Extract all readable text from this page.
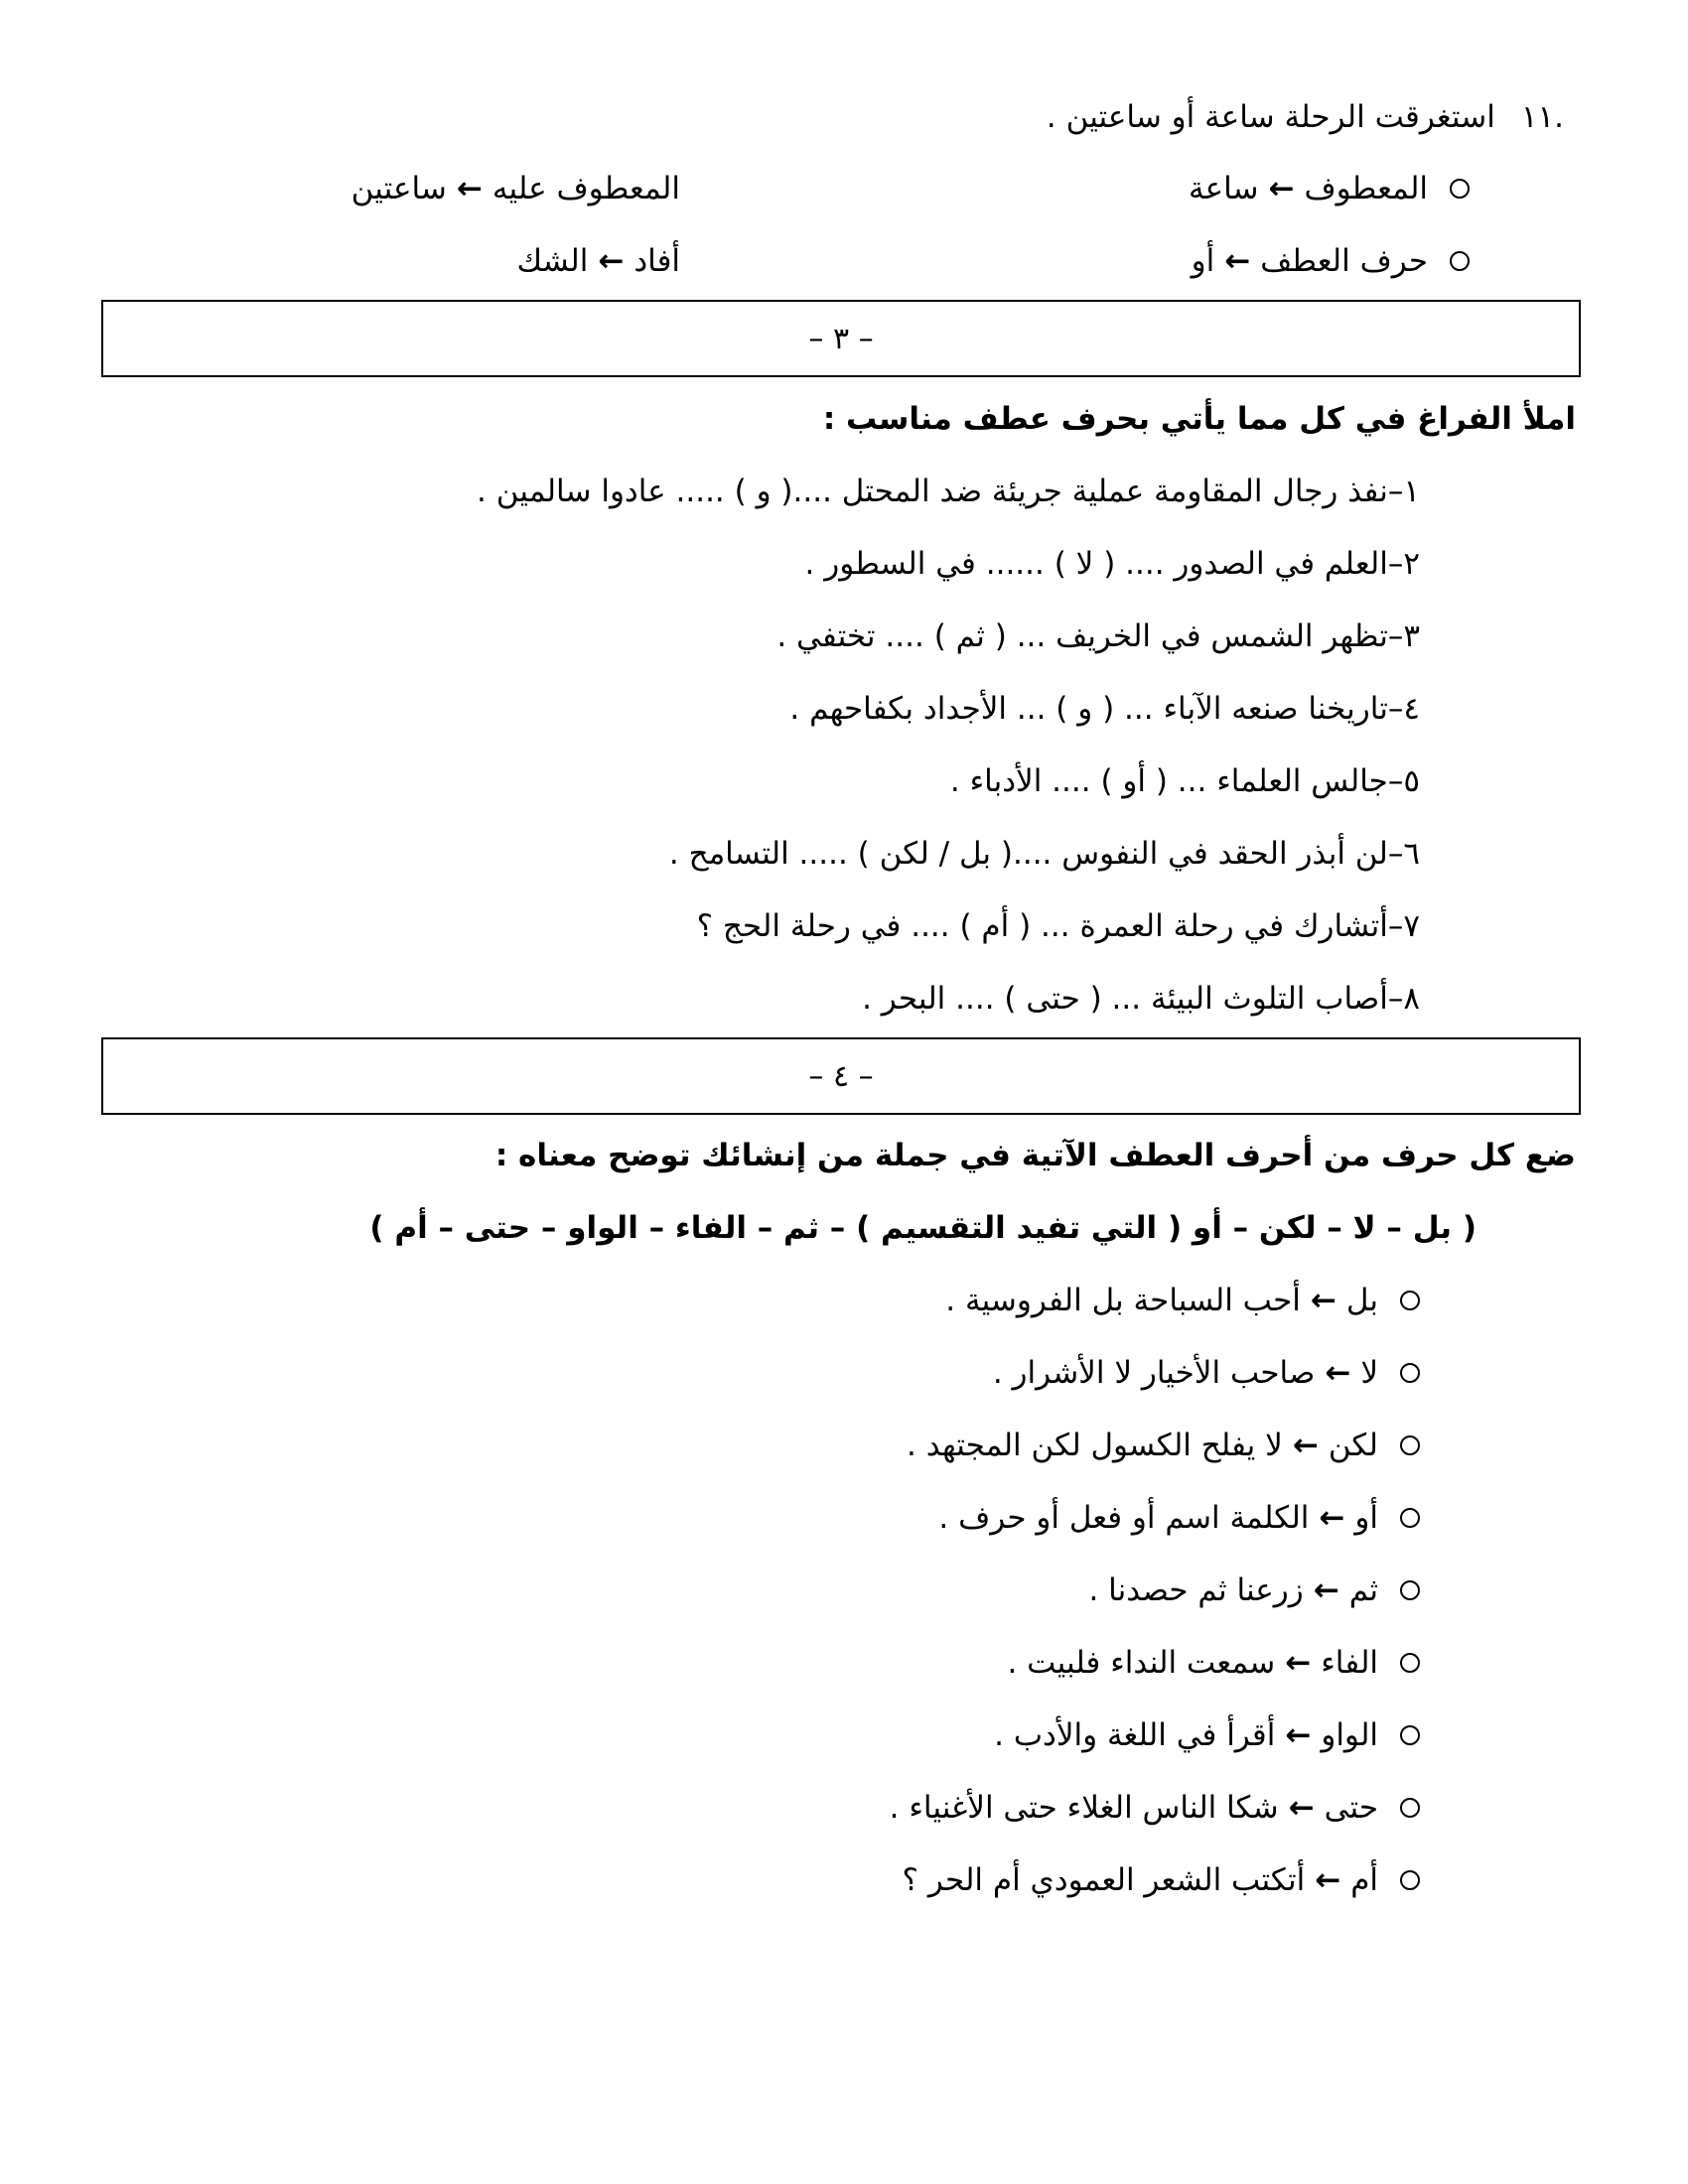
.١١استغرقت الرحلة ساعة أو ساعتين .
المعطوف←ساعة
المعطوف عليه←ساعتين
حرف العطف←أو
أفاد←الشك
– ٣ –
املأ الفراغ في كل مما يأتي بحرف عطف مناسب :
١–نفذ رجال المقاومة عملية جريئة ضد المحتل ....( و ) ..... عادوا سالمين .
٢–العلم في الصدور .... ( لا ) ...... في السطور .
٣–تظهر الشمس في الخريف ... ( ثم ) .... تختفي .
٤–تاريخنا صنعه الآباء ... ( و ) ... الأجداد بكفاحهم .
٥–جالس العلماء ... ( أو ) .... الأدباء .
٦–لن أبذر الحقد في النفوس ....( بل / لكن ) ..... التسامح .
٧–أتشارك في رحلة العمرة ... ( أم ) .... في رحلة الحج ؟
٨–أصاب التلوث البيئة ... ( حتى ) .... البحر .
– ٤ –
ضع كل حرف من أحرف العطف الآتية في جملة من إنشائك توضح معناه :
( بل – لا – لكن – أو ( التي تفيد التقسيم ) – ثم – الفاء – الواو – حتى – أم )
بل←أحب السباحة بل الفروسية .
لا←صاحب الأخيار لا الأشرار .
لكن←لا يفلح الكسول لكن المجتهد .
أو←الكلمة اسم أو فعل أو حرف .
ثم←زرعنا ثم حصدنا .
الفاء←سمعت النداء فلبيت .
الواو←أقرأ في اللغة والأدب .
حتى←شكا الناس الغلاء حتى الأغنياء .
أم←أتكتب الشعر العمودي أم الحر ؟
